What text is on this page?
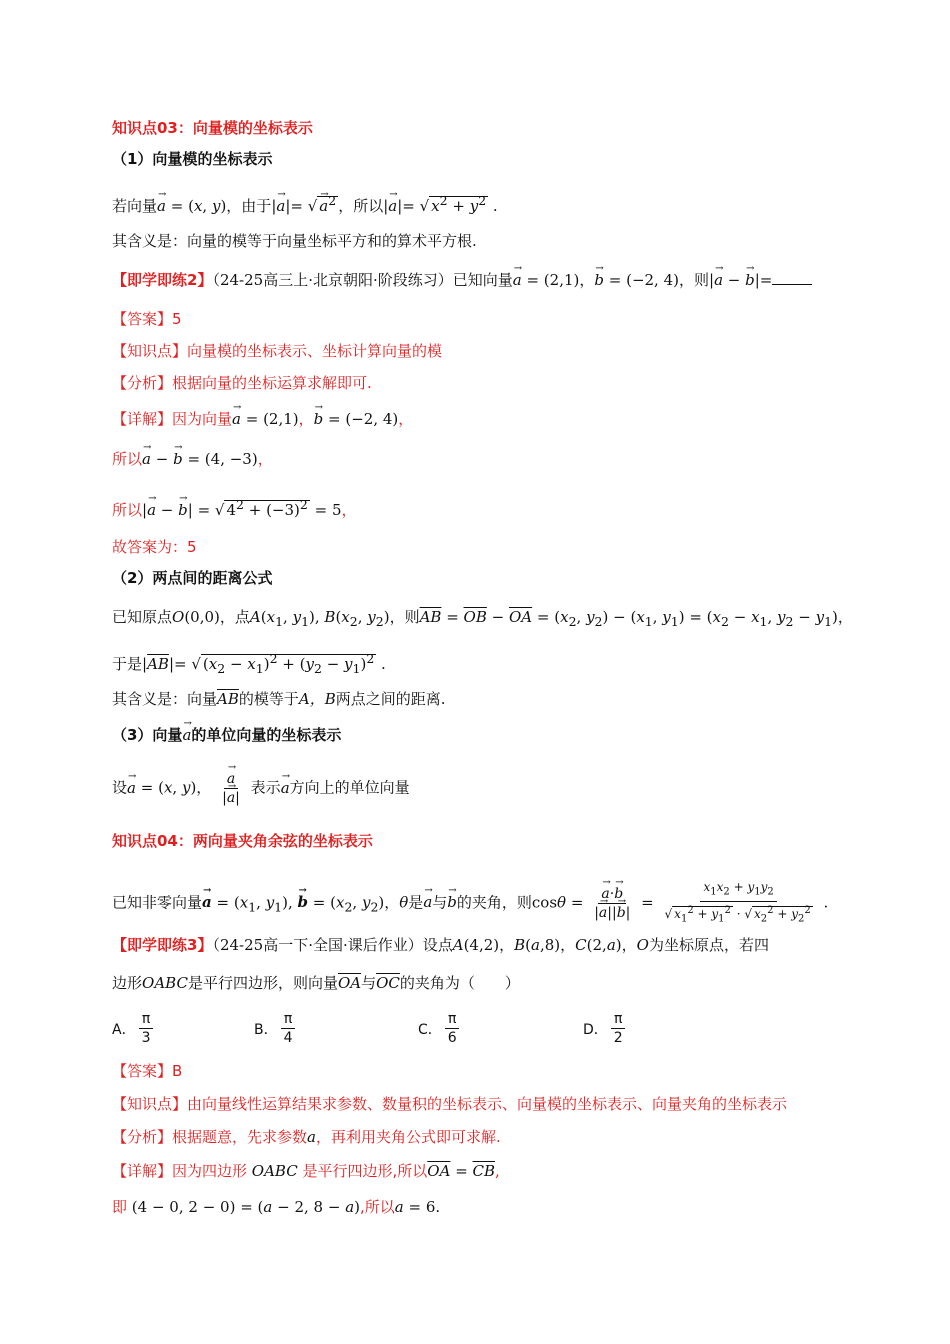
知识点03：向量模的坐标表示
（1）向量模的坐标表示
若向量→ a = (x, y)，由于|→ a|= √ → $a^2$ ，所以|→ a|= √ $x^2 + y^2$ .
其含义是：向量的模等于向量坐标平方和的算术平方根.
【即学即练2】（24-25高三上·北京朝阳·阶段练习）已知向量→ a = (2,1)，→ b = (−2, 4)，则|→ a − → b|=
【答案】5
【知识点】向量模的坐标表示、坐标计算向量的模
【分析】根据向量的坐标运算求解即可.
【详解】因为向量→ a = (2,1)，→ b = (−2, 4)，
所以→ a − → b = (4, −3)，
所以|→ a − → b| = √ $4^2 + (-3)^2 = 5$，
故答案为：5
（2）两点间的距离公式
已知原点O(0,0)，点$A(x_1$, $y_1$), $B(x_2$, $y_2$)，则$\overline{AB} = \overline{OB} - \overline{OA} = (x_2$, $y_2) - (x_1$, $y_1) = (x_2 - x_1$, $y_2 - y_1$)，
于是$|\overline{AB}|=$ √ $(x_2 - x_1)^2 + (y_2 - y_1)^2$ .
其含义是：向量$\overline{AB}$的模等于A，B两点之间的距离.
（3）向量→ a的单位向量的坐标表示
设→ a = (x, y)， → $\frac{a}{|\to a|}$ 表示→ a方向上的单位向量
知识点04：两向量夹角余弦的坐标表示
已知非零向量→ $a = (x_1$, $y_1$), → $b = (x_2$, $y_2$)，θ是→ a与→ b的夹角，则cosθ = → $\frac{a\cdot\to b}{|\to a||\to b|} = \frac{x_1x_2 + y_1y_2}{√ x_1^2 + y_1^2 \cdot √ x_2^2 + y_2^2}$ .
【即学即练3】（24-25高一下·全国·课后作业）设点A(4,2)，B(a,8)，C(2,a)，O为坐标原点，若四
边形OABC是平行四边形，则向量$\overline{OA}$与$\overline{OC}$的夹角为（　　）
A． $\frac{\pi}{3}$	B． $\frac{\pi}{4}$	C． $\frac{\pi}{6}$	D． $\frac{\pi}{2}$
【答案】B
【知识点】由向量线性运算结果求参数、数量积的坐标表示、向量模的坐标表示、向量夹角的坐标表示
【分析】根据题意，先求参数a，再利用夹角公式即可求解.
【详解】因为四边形 OABC 是平行四边形,所以$\overline{OA} = \overline{CB}$,
即 (4 − 0, 2 − 0) = (a − 2, 8 − a),所以a = 6.
